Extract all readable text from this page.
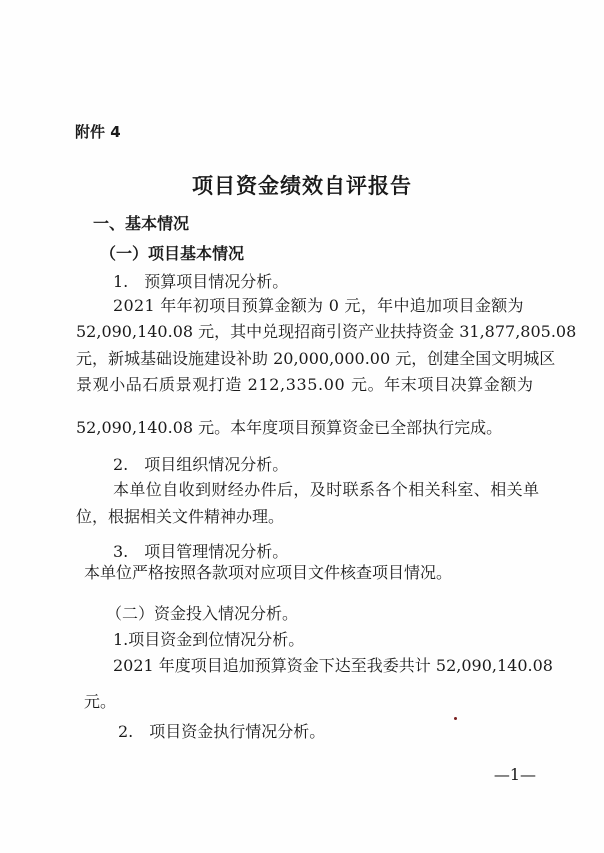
附件 4
项目资金绩效自评报告
一、基本情况
（一）项目基本情况
1.　预算项目情况分析。
2021 年年初项目预算金额为 0 元，年中追加项目金额为
52,090,140.08 元，其中兑现招商引资产业扶持资金 31,877,805.08
元，新城基础设施建设补助 20,000,000.00 元，创建全国文明城区
景观小品石质景观打造 212,335.00 元。年末项目决算金额为
52,090,140.08 元。本年度项目预算资金已全部执行完成。
2.　项目组织情况分析。
本单位自收到财经办件后，及时联系各个相关科室、相关单
位，根据相关文件精神办理。
3.　项目管理情况分析。
本单位严格按照各款项对应项目文件核查项目情况。
（二）资金投入情况分析。
1.项目资金到位情况分析。
2021 年度项目追加预算资金下达至我委共计 52,090,140.08
元。
2.　项目资金执行情况分析。
—1—
